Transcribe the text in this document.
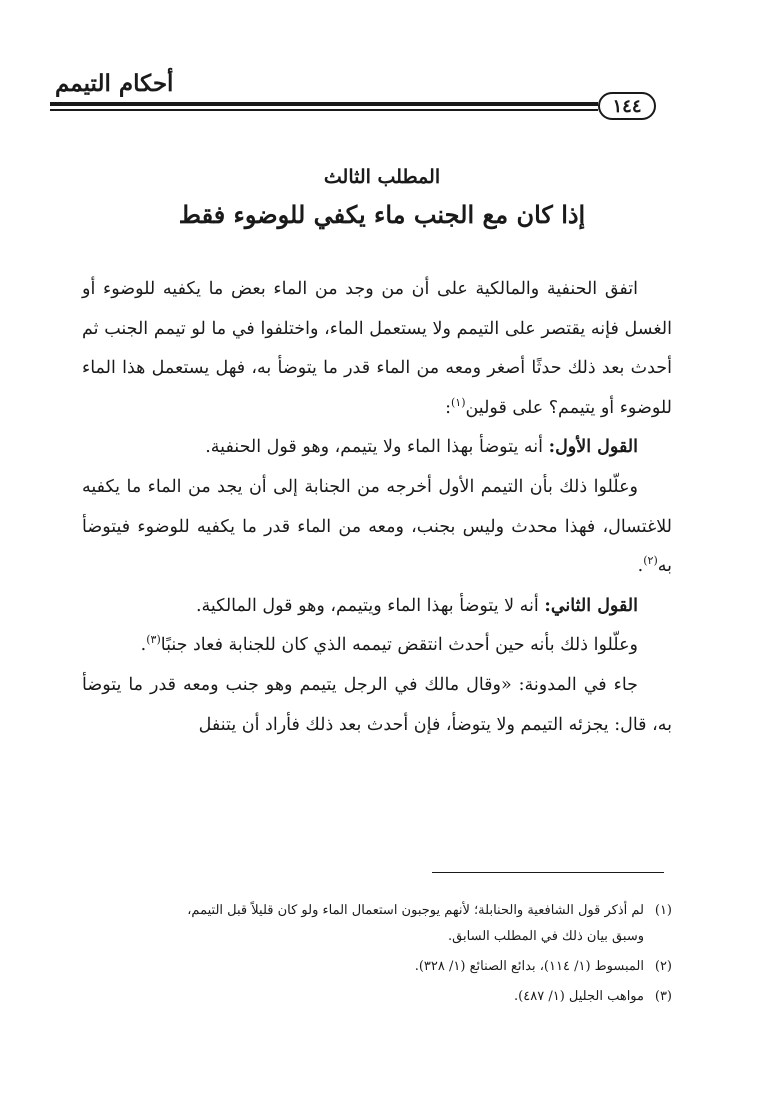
أحكام التيمم
١٤٤
المطلب الثالث
إذا كان مع الجنب ماء يكفي للوضوء فقط

اتفق الحنفية والمالكية على أن من وجد من الماء بعض ما يكفيه للوضوء أو الغسل فإنه يقتصر على التيمم ولا يستعمل الماء، واختلفوا في ما لو تيمم الجنب ثم أحدث بعد ذلك حدثًا أصغر ومعه من الماء قدر ما يتوضأ به، فهل يستعمل هذا الماء للوضوء أو يتيمم؟ على قولين$^{(١)}$:

القول الأول: أنه يتوضأ بهذا الماء ولا يتيمم، وهو قول الحنفية.

وعلّلوا ذلك بأن التيمم الأول أخرجه من الجنابة إلى أن يجد من الماء ما يكفيه للاغتسال، فهذا محدث وليس بجنب، ومعه من الماء قدر ما يكفيه للوضوء فيتوضأ به$^{(٢)}$.

القول الثاني: أنه لا يتوضأ بهذا الماء ويتيمم، وهو قول المالكية.

وعلّلوا ذلك بأنه حين أحدث انتقض تيممه الذي كان للجنابة فعاد جنبًا$^{(٣)}$.

جاء في المدونة: «وقال مالك في الرجل يتيمم وهو جنب ومعه قدر ما يتوضأ به، قال: يجزئه التيمم ولا يتوضأ، فإن أحدث بعد ذلك فأراد أن يتنفل

(١)لم أذكر قول الشافعية والحنابلة؛ لأنهم يوجبون استعمال الماء ولو كان قليلاً قبل التيمم،
وسبق بيان ذلك في المطلب السابق.

(٢)المبسوط (١/ ١١٤)، بدائع الصنائع (١/ ٣٢٨).

(٣)مواهب الجليل (١/ ٤٨٧).
